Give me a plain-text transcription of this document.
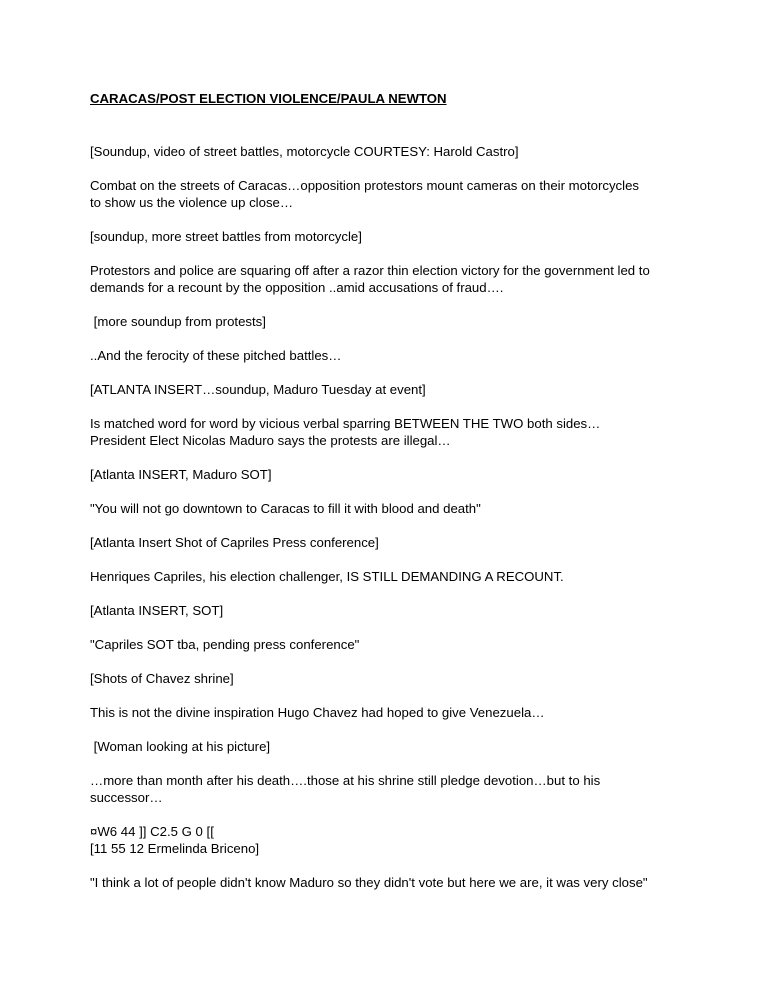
CARACAS/POST ELECTION VIOLENCE/PAULA NEWTON

[Soundup, video of street battles, motorcycle COURTESY: Harold Castro]

Combat on the streets of Caracas…opposition protestors mount cameras on their motorcycles
to show us the violence up close…

[soundup, more street battles from motorcycle]

Protestors and police are squaring off after a razor thin election victory for the government led to
demands for a recount by the opposition ..amid accusations of fraud….

[more soundup from protests]

..And the ferocity of these pitched battles…

[ATLANTA INSERT…soundup, Maduro Tuesday at event]

Is matched word for word by vicious verbal sparring BETWEEN THE TWO both sides…
President Elect Nicolas Maduro says the protests are illegal…

[Atlanta INSERT, Maduro SOT]

"You will not go downtown to Caracas to fill it with blood and death"

[Atlanta Insert Shot of Capriles Press conference]

Henriques Capriles, his election challenger, IS STILL DEMANDING A RECOUNT.

[Atlanta INSERT, SOT]

"Capriles SOT tba, pending press conference"

[Shots of Chavez shrine]

This is not the divine inspiration Hugo Chavez had hoped to give Venezuela…

[Woman looking at his picture]

…more than month after his death….those at his shrine still pledge devotion…but to his
successor…

¤W6 44 ]] C2.5 G 0 [[
[11 55 12 Ermelinda Briceno]

"I think a lot of people didn't know Maduro so they didn't vote but here we are, it was very close"
